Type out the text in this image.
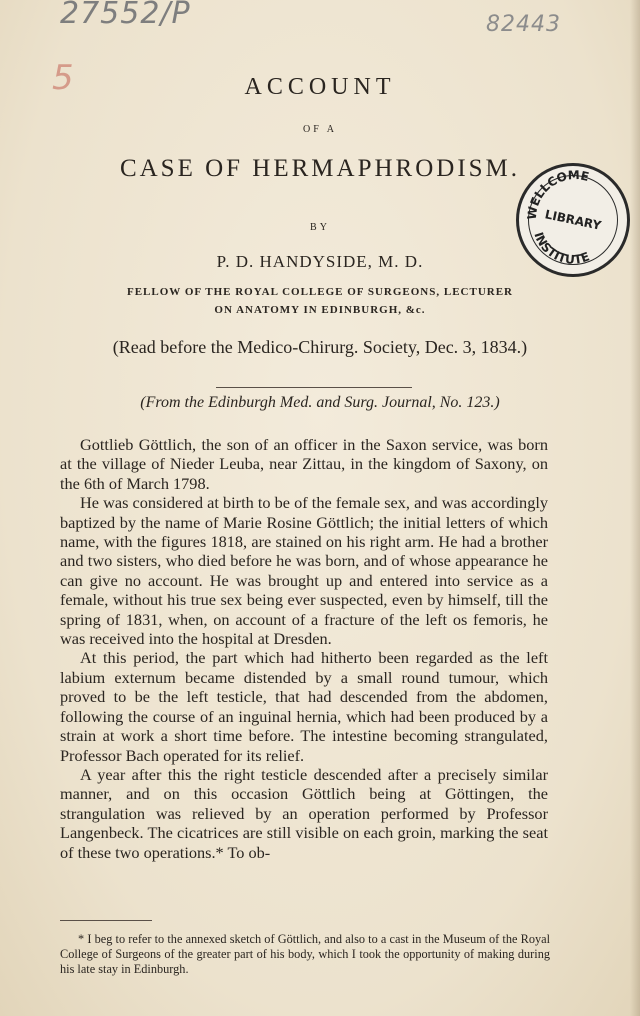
27552/P	82443
5	ACCOUNT
OF A
CASE OF HERMAPHRODISM.
BY
P. D. HANDYSIDE, M. D.
FELLOW OF THE ROYAL COLLEGE OF SURGEONS, LECTURER
ON ANATOMY IN EDINBURGH, &c.
(Read before the Medico-Chirurg. Society, Dec. 3, 1834.)
(From the Edinburgh Med. and Surg. Journal, No. 123.)
WELLCOME
INSTITUTE
LIBRARY

Gottlieb Göttlich, the son of an officer in the Saxon service, was born at the village of Nieder Leuba, near Zittau, in the kingdom of Saxony, on the 6th of March 1798.

He was considered at birth to be of the female sex, and was accordingly baptized by the name of Marie Rosine Göttlich; the initial letters of which name, with the figures 1818, are stained on his right arm. He had a brother and two sisters, who died before he was born, and of whose appearance he can give no account. He was brought up and entered into service as a female, without his true sex being ever suspected, even by himself, till the spring of 1831, when, on account of a fracture of the left os femoris, he was received into the hospital at Dresden.

At this period, the part which had hitherto been regarded as the left labium externum became distended by a small round tumour, which proved to be the left testicle, that had descended from the abdomen, following the course of an inguinal hernia, which had been produced by a strain at work a short time before. The intestine becoming strangulated, Professor Bach operated for its relief.

A year after this the right testicle descended after a precisely similar manner, and on this occasion Göttlich being at Göttingen, the strangulation was relieved by an operation performed by Professor Langenbeck. The cicatrices are still visible on each groin, marking the seat of these two operations.* To ob-

* I beg to refer to the annexed sketch of Göttlich, and also to a cast in the Museum of the Royal College of Surgeons of the greater part of his body, which I took the opportunity of making during his late stay in Edinburgh.
